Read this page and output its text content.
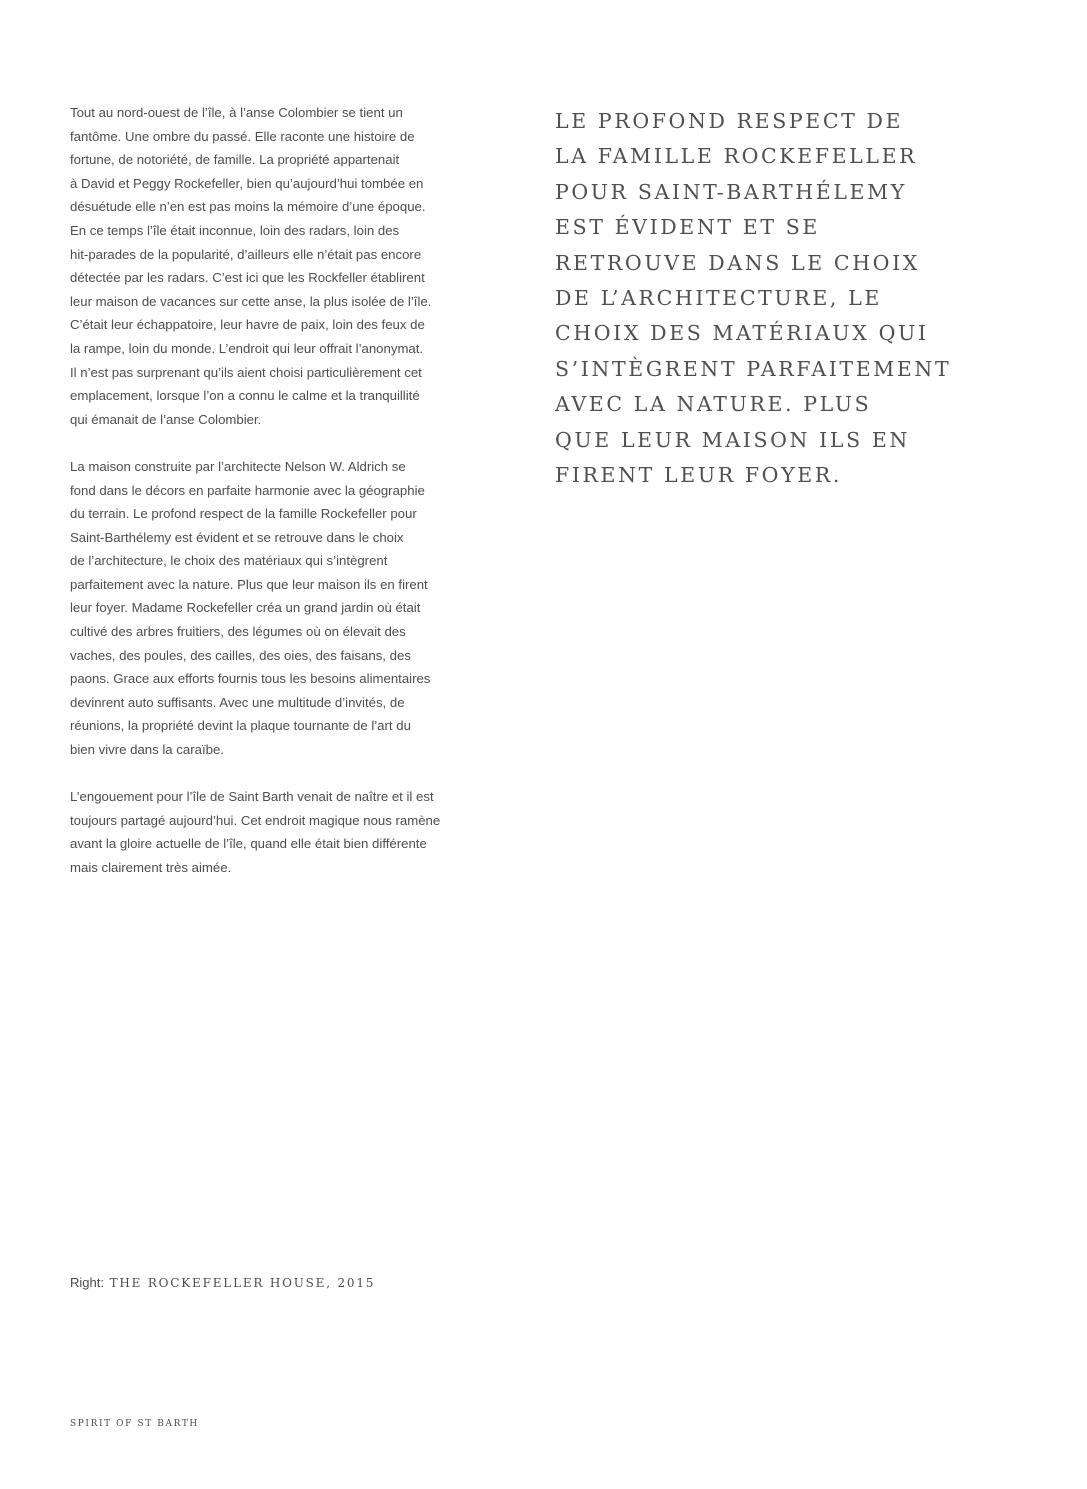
Tout au nord-ouest de l’île, à l’anse Colombier se tient un
fantôme. Une ombre du passé. Elle raconte une histoire de
fortune, de notoriété, de famille. La propriété appartenait
à David et Peggy Rockefeller, bien qu’aujourd’hui tombée en
désuétude elle n’en est pas moins la mémoire d’une époque.
En ce temps l’île était inconnue, loin des radars, loin des
hit-parades de la popularité, d’ailleurs elle n’était pas encore
détectée par les radars. C’est ici que les Rockfeller établirent
leur maison de vacances sur cette anse, la plus isolée de l’île.
C’était leur échappatoire, leur havre de paix, loin des feux de
la rampe, loin du monde. L’endroit qui leur offrait l’anonymat.
Il n’est pas surprenant qu’ils aient choisi particulièrement cet
emplacement, lorsque l’on a connu le calme et la tranquillité
qui émanait de l’anse Colombier.

La maison construite par l’architecte Nelson W. Aldrich se
fond dans le décors en parfaite harmonie avec la géographie
du terrain. Le profond respect de la famille Rockefeller pour
Saint-Barthélemy est évident et se retrouve dans le choix
de l’architecture, le choix des matériaux qui s’intègrent
parfaitement avec la nature. Plus que leur maison ils en firent
leur foyer. Madame Rockefeller créa un grand jardin où était
cultivé des arbres fruitiers, des légumes où on élevait des
vaches, des poules, des cailles, des oies, des faisans, des
paons. Grace aux efforts fournis tous les besoins alimentaires
devinrent auto suffisants. Avec une multitude d’invités, de
réunions, la propriété devint la plaque tournante de l’art du
bien vivre dans la caraïbe.

L’engouement pour l’île de Saint Barth venait de naître et il est
toujours partagé aujourd’hui. Cet endroit magique nous ramène
avant la gloire actuelle de l’île, quand elle était bien différente
mais clairement très aimée.

LE PROFOND RESPECT DE
LA FAMILLE ROCKEFELLER
POUR SAINT-BARTHÉLEMY
EST ÉVIDENT ET SE
RETROUVE DANS LE CHOIX
DE L’ARCHITECTURE, LE
CHOIX DES MATÉRIAUX QUI
S’INTÈGRENT PARFAITEMENT
AVEC LA NATURE. PLUS
QUE LEUR MAISON ILS EN
FIRENT LEUR FOYER.
Right: THE ROCKEFELLER HOUSE, 2015
SPIRIT OF ST BARTH
